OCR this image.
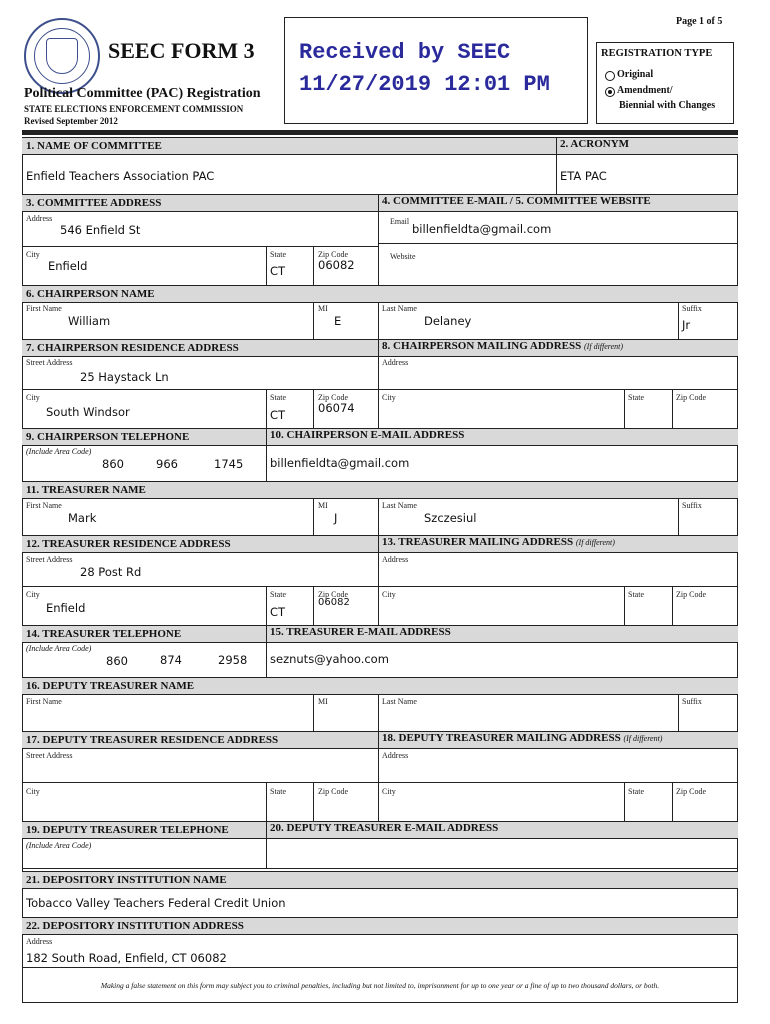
SEEC FORM 3
Political Committee (PAC) Registration
STATE ELECTIONS ENFORCEMENT COMMISSION
Revised September 2012
Received by SEEC
11/27/2019 12:01 PM
Page 1 of 5
REGISTRATION TYPE
Original
Amendment/
Biennial with Changes
1. NAME OF COMMITTEE	2. ACRONYM
Enfield Teachers Association PAC	ETA PAC
3. COMMITTEE ADDRESS	4. COMMITTEE E-MAIL / 5. COMMITTEE WEBSITE
Address
546 Enfield St
City
Enfield
State
CT
Zip Code
06082
Email
billenfieldta@gmail.com
Website
6. CHAIRPERSON NAME
First Name
William
MI
E
Last Name
Delaney
Suffix
Jr
7. CHAIRPERSON RESIDENCE ADDRESS	8. CHAIRPERSON MAILING ADDRESS (If different)
Street Address
25 Haystack Ln
Address
City
South Windsor
State
CT
Zip Code
06074
City	State	Zip Code
9. CHAIRPERSON TELEPHONE	10. CHAIRPERSON E-MAIL ADDRESS
(Include Area Code)
860	966	1745 billenfieldta@gmail.com
11. TREASURER NAME
First Name
Mark
MI
J
Last Name
Szczesiul
Suffix
12. TREASURER RESIDENCE ADDRESS	13. TREASURER MAILING ADDRESS (If different)
Street Address
28 Post Rd
Address
City
Enfield
State
CT
Zip Code
06082
City	State	Zip Code
14. TREASURER TELEPHONE	15. TREASURER E-MAIL ADDRESS
(Include Area Code)
860	874	2958 seznuts@yahoo.com
16. DEPUTY TREASURER NAME
First Name	MI	Last Name	Suffix
17. DEPUTY TREASURER RESIDENCE ADDRESS	18. DEPUTY TREASURER MAILING ADDRESS (If different)
Street Address	Address
City	State	Zip Code	City	State	Zip Code
19. DEPUTY TREASURER TELEPHONE	20. DEPUTY TREASURER E-MAIL ADDRESS
(Include Area Code)
21. DEPOSITORY INSTITUTION NAME
Tobacco Valley Teachers Federal Credit Union
22. DEPOSITORY INSTITUTION ADDRESS
Address
182 South Road, Enfield, CT 06082
Making a false statement on this form may subject you to criminal penalties, including but not limited to, imprisonment for up to one year or a fine of up to two thousand dollars, or both.
